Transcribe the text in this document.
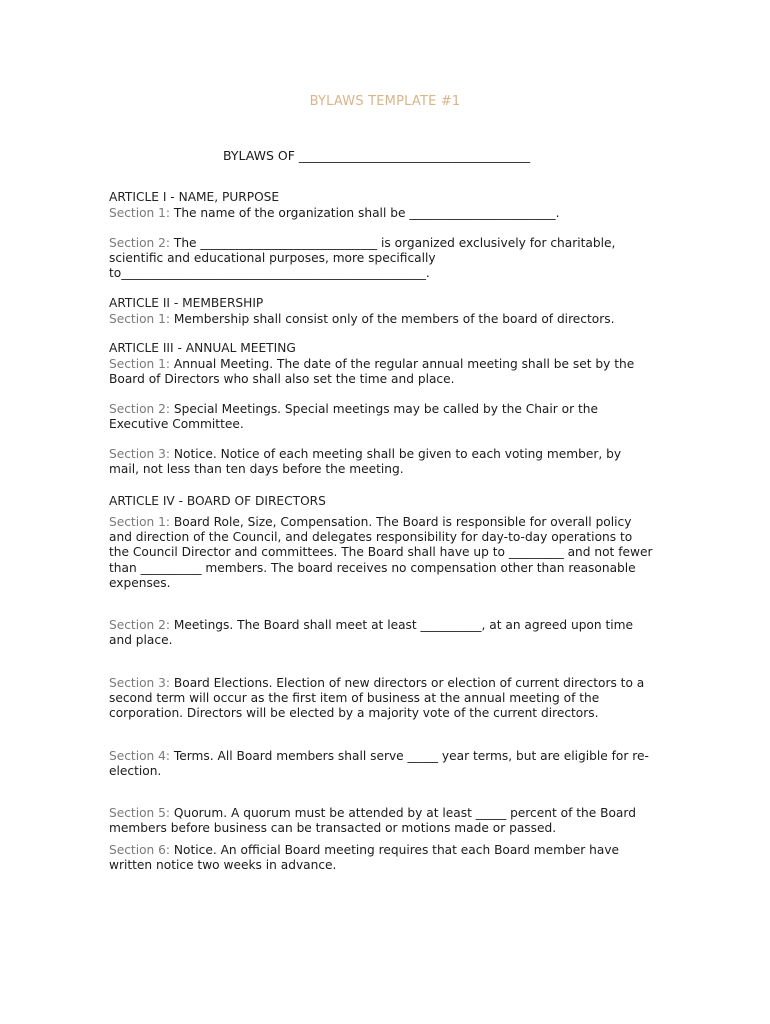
BYLAWS TEMPLATE #1
BYLAWS OF _____________________________________
ARTICLE I - NAME, PURPOSE
Section 1: The name of the organization shall be ________________________.
Section 2: The _____________________________ is organized exclusively for charitable, scientific and educational purposes, more specifically to__________________________________________________.
ARTICLE II - MEMBERSHIP
Section 1: Membership shall consist only of the members of the board of directors.
ARTICLE III - ANNUAL MEETING
Section 1: Annual Meeting. The date of the regular annual meeting shall be set by the Board of Directors who shall also set the time and place.
Section 2: Special Meetings. Special meetings may be called by the Chair or the Executive Committee.
Section 3: Notice. Notice of each meeting shall be given to each voting member, by mail, not less than ten days before the meeting.
ARTICLE IV - BOARD OF DIRECTORS
Section 1: Board Role, Size, Compensation. The Board is responsible for overall policy and direction of the Council, and delegates responsibility for day-to-day operations to the Council Director and committees. The Board shall have up to _________ and not fewer than __________ members. The board receives no compensation other than reasonable expenses.
Section 2: Meetings. The Board shall meet at least __________, at an agreed upon time and place.
Section 3: Board Elections. Election of new directors or election of current directors to a second term will occur as the first item of business at the annual meeting of the corporation. Directors will be elected by a majority vote of the current directors.
Section 4: Terms. All Board members shall serve _____ year terms, but are eligible for re-election.
Section 5: Quorum. A quorum must be attended by at least _____ percent of the Board members before business can be transacted or motions made or passed.
Section 6: Notice. An official Board meeting requires that each Board member have written notice two weeks in advance.
